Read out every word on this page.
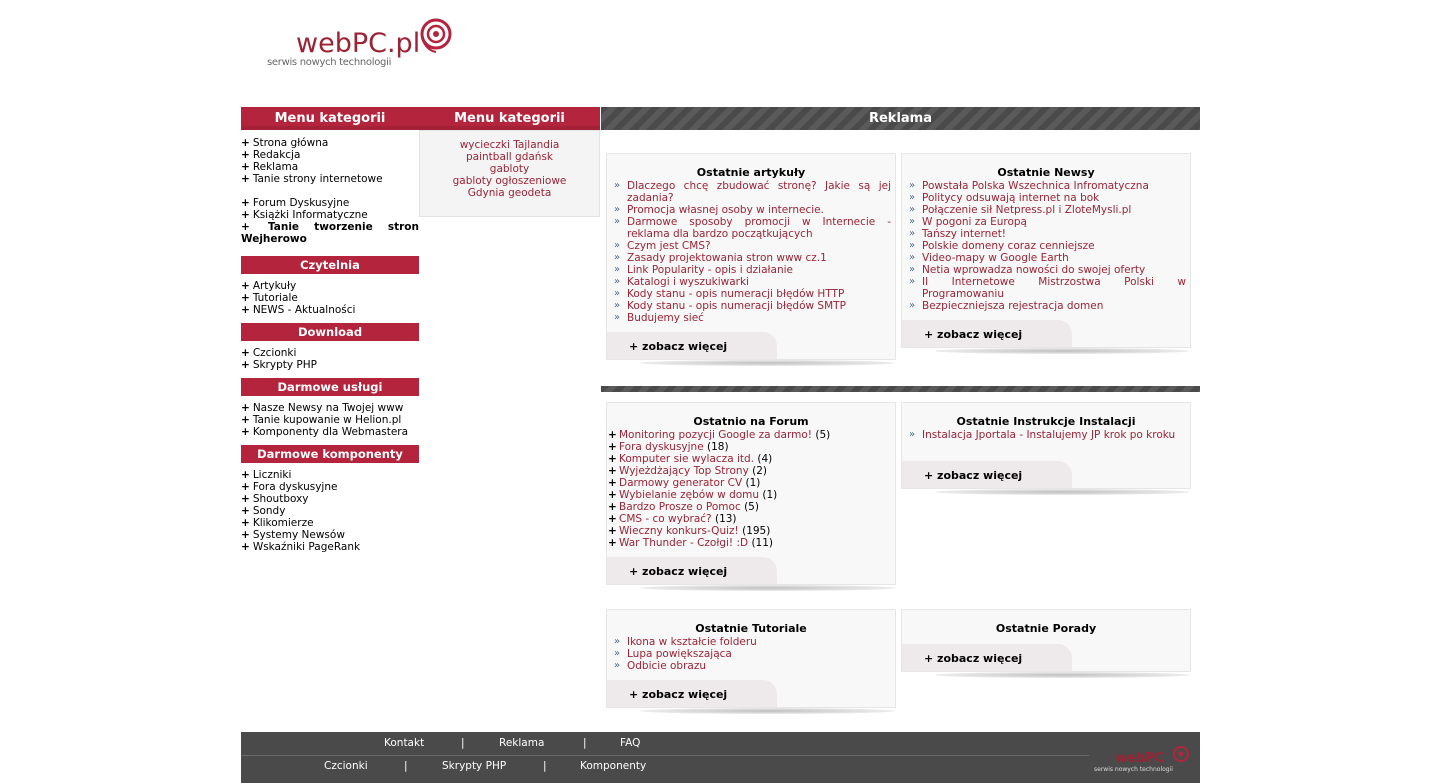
webPC.pl
serwis nowych technologii
Menu kategorii	Menu kategorii	Reklama
+ Strona główna
+ Redakcja
+ Reklama
+ Tanie strony internetowe
+ Forum Dyskusyjne
+ Książki Informatyczne
+ Tanie tworzenie stron
Wejherowo
Czytelnia
+ Artykuły
+ Tutoriale
+ NEWS - Aktualności
Download
+ Czcionki
+ Skrypty PHP
Darmowe usługi
+ Nasze Newsy na Twojej www
+ Tanie kupowanie w Helion.pl
+ Komponenty dla Webmastera
Darmowe komponenty
+ Liczniki
+ Fora dyskusyjne
+ Shoutboxy
+ Sondy
+ Klikomierze
+ Systemy Newsów
+ Wskaźniki PageRank
wycieczki Tajlandia
paintball gdańsk
gabloty
gabloty ogłoszeniowe
Gdynia geodeta
Ostatnie artykuły
» Dlaczego chcę zbudować stronę? Jakie są jej zadania?
» Promocja własnej osoby w internecie.
» Darmowe sposoby promocji w Internecie - reklama dla bardzo początkujących
» Czym jest CMS?
» Zasady projektowania stron www cz.1
» Link Popularity - opis i działanie
» Katalogi i wyszukiwarki
» Kody stanu - opis numeracji błędów HTTP
» Kody stanu - opis numeracji błędów SMTP
» Budujemy sieć
+ zobacz więcej
Ostatnie Newsy
» Powstała Polska Wszechnica Infromatyczna
» Politycy odsuwają internet na bok
» Połączenie sił Netpress.pl i ZloteMysli.pl
» W pogoni za Europą
» Tańszy internet!
» Polskie domeny coraz cenniejsze
» Video-mapy w Google Earth
» Netia wprowadza nowości do swojej oferty
» II Internetowe Mistrzostwa Polski w Programowaniu
» Bezpieczniejsza rejestracja domen
+ zobacz więcej
Ostatnio na Forum
+ Monitoring pozycji Google za darmo! (5)
+ Fora dyskusyjne (18)
+ Komputer sie wylacza itd. (4)
+ Wyjeżdżający Top Strony (2)
+ Darmowy generator CV (1)
+ Wybielanie zębów w domu (1)
+ Bardzo Prosze o Pomoc (5)
+ CMS - co wybrać? (13)
+ Wieczny konkurs-Quiz! (195)
+ War Thunder - Czołgi! :D (11)
+ zobacz więcej
Ostatnie Instrukcje Instalacji
» Instalacja Jportala - Instalujemy JP krok po kroku
+ zobacz więcej
Ostatnie Tutoriale
» Ikona w kształcie folderu
» Lupa powiększająca
» Odbicie obrazu
+ zobacz więcej
Ostatnie Porady
+ zobacz więcej
Kontakt	|	Reklama	|	FAQ
Czcionki	|	Skrypty PHP	|	Komponenty	webPC
serwis nowych technologii
